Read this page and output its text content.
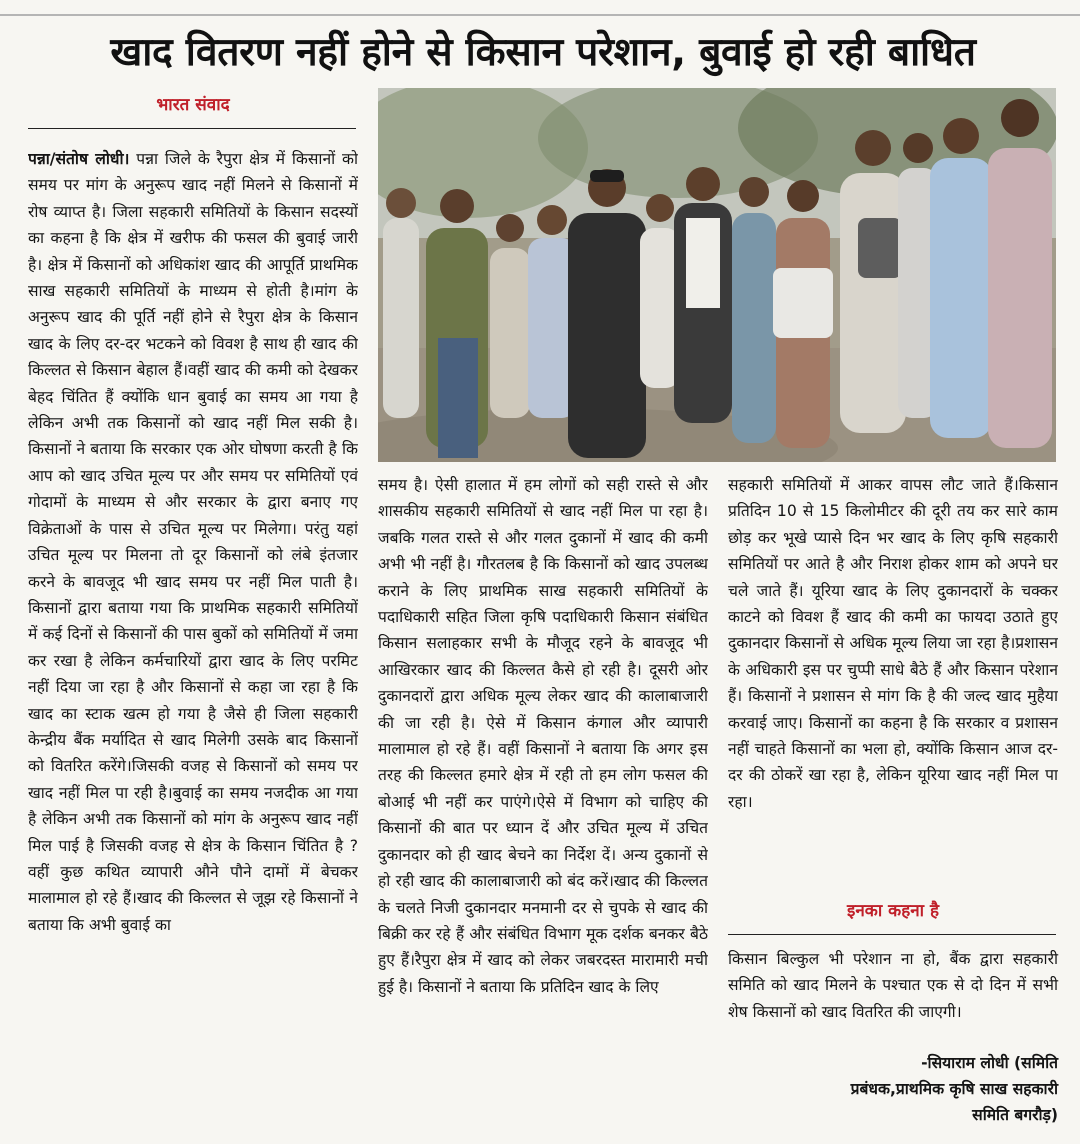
खाद वितरण नहीं होने से किसान परेशान, बुवाई हो रही बाधित
भारत संवाद

पन्ना/संतोष लोधी। पन्ना जिले के रैपुरा क्षेत्र में किसानों को समय पर मांग के अनुरूप खाद नहीं मिलने से किसानों में रोष व्याप्त है। जिला सहकारी समितियों के किसान सदस्यों का कहना है कि क्षेत्र में खरीफ की फसल की बुवाई जारी है। क्षेत्र में किसानों को अधिकांश खाद की आपूर्ति प्राथमिक साख सहकारी समितियों के माध्यम से होती है।मांग के अनुरूप खाद की पूर्ति नहीं होने से रैपुरा क्षेत्र के किसान खाद के लिए दर-दर भटकने को विवश है साथ ही खाद की किल्लत से किसान बेहाल हैं।वहीं खाद की कमी को देखकर बेहद चिंतित हैं क्योंकि धान बुवाई का समय आ गया है लेकिन अभी तक किसानों को खाद नहीं मिल सकी है।किसानों ने बताया कि सरकार एक ओर घोषणा करती है कि आप को खाद उचित मूल्य पर और समय पर समितियों एवं गोदामों के माध्यम से और सरकार के द्वारा बनाए गए विक्रेताओं के पास से उचित मूल्य पर मिलेगा। परंतु यहां उचित मूल्य पर मिलना तो दूर किसानों को लंबे इंतजार करने के बावजूद भी खाद समय पर नहीं मिल पाती है। किसानों द्वारा बताया गया कि प्राथमिक सहकारी समितियों में कई दिनों से किसानों की पास बुकों को समितियों में जमा कर रखा है लेकिन कर्मचारियों द्वारा खाद के लिए परमिट नहीं दिया जा रहा है और किसानों से कहा जा रहा है कि खाद का स्टाक खत्म हो गया है जैसे ही जिला सहकारी केन्द्रीय बैंक मर्यादित से खाद मिलेगी उसके बाद किसानों को वितरित करेंगे।जिसकी वजह से किसानों को समय पर खाद नहीं मिल पा रही है।बुवाई का समय नजदीक आ गया है लेकिन अभी तक किसानों को मांग के अनुरूप खाद नहीं मिल पाई है जिसकी वजह से क्षेत्र के किसान चिंतित है ?वहीं कुछ कथित व्यापारी औने पौने दामों में बेचकर मालामाल हो रहे हैं।खाद की किल्लत से जूझ रहे किसानों ने बताया कि अभी बुवाई का

समय है। ऐसी हालात में हम लोगों को सही रास्ते से और शासकीय सहकारी समितियों से खाद नहीं मिल पा रहा है। जबकि गलत रास्ते से और गलत दुकानों में खाद की कमी अभी भी नहीं है। गौरतलब है कि किसानों को खाद उपलब्ध कराने के लिए प्राथमिक साख सहकारी समितियों के पदाधिकारी सहित जिला कृषि पदाधिकारी किसान संबंधित किसान सलाहकार सभी के मौजूद रहने के बावजूद भी आखिरकार खाद की किल्लत कैसे हो रही है। दूसरी ओर दुकानदारों द्वारा अधिक मूल्य लेकर खाद की कालाबाजारी की जा रही है। ऐसे में किसान कंगाल और व्यापारी मालामाल हो रहे हैं। वहीं किसानों ने बताया कि अगर इस तरह की किल्लत हमारे क्षेत्र में रही तो हम लोग फसल की बोआई भी नहीं कर पाएंगे।ऐसे में विभाग को चाहिए की किसानों की बात पर ध्यान दें और उचित मूल्य में उचित दुकानदार को ही खाद बेचने का निर्देश दें। अन्य दुकानों से हो रही खाद की कालाबाजारी को बंद करें।खाद की किल्लत के चलते निजी दुकानदार मनमानी दर से चुपके से खाद की बिक्री कर रहे हैं और संबंधित विभाग मूक दर्शक बनकर बैठे हुए हैं।रैपुरा क्षेत्र में खाद को लेकर जबरदस्त मारामारी मची हुई है। किसानों ने बताया कि प्रतिदिन खाद के लिए

सहकारी समितियों में आकर वापस लौट जाते हैं।किसान प्रतिदिन 10 से 15 किलोमीटर की दूरी तय कर सारे काम छोड़ कर भूखे प्यासे दिन भर खाद के लिए कृषि सहकारी समितियों पर आते है और निराश होकर शाम को अपने घर चले जाते हैं। यूरिया खाद के लिए दुकानदारों के चक्कर काटने को विवश हैं खाद की कमी का फायदा उठाते हुए दुकानदार किसानों से अधिक मूल्य लिया जा रहा है।प्रशासन के अधिकारी इस पर चुप्पी साधे बैठे हैं और किसान परेशान हैं। किसानों ने प्रशासन से मांग कि है की जल्द खाद मुहैया करवाई जाए। किसानों का कहना है कि सरकार व प्रशासन नहीं चाहते किसानों का भला हो, क्योंकि किसान आज दर-दर की ठोकरें खा रहा है, लेकिन यूरिया खाद नहीं मिल पा रहा।

इनका कहना है
किसान बिल्कुल भी परेशान ना हो, बैंक द्वारा सहकारी समिति को खाद मिलने के पश्चात एक से दो दिन में सभी शेष किसानों को खाद वितरित की जाएगी।
-सियाराम लोधी (समिति
प्रबंधक,प्राथमिक कृषि साख सहकारी
समिति बगरौड़)
